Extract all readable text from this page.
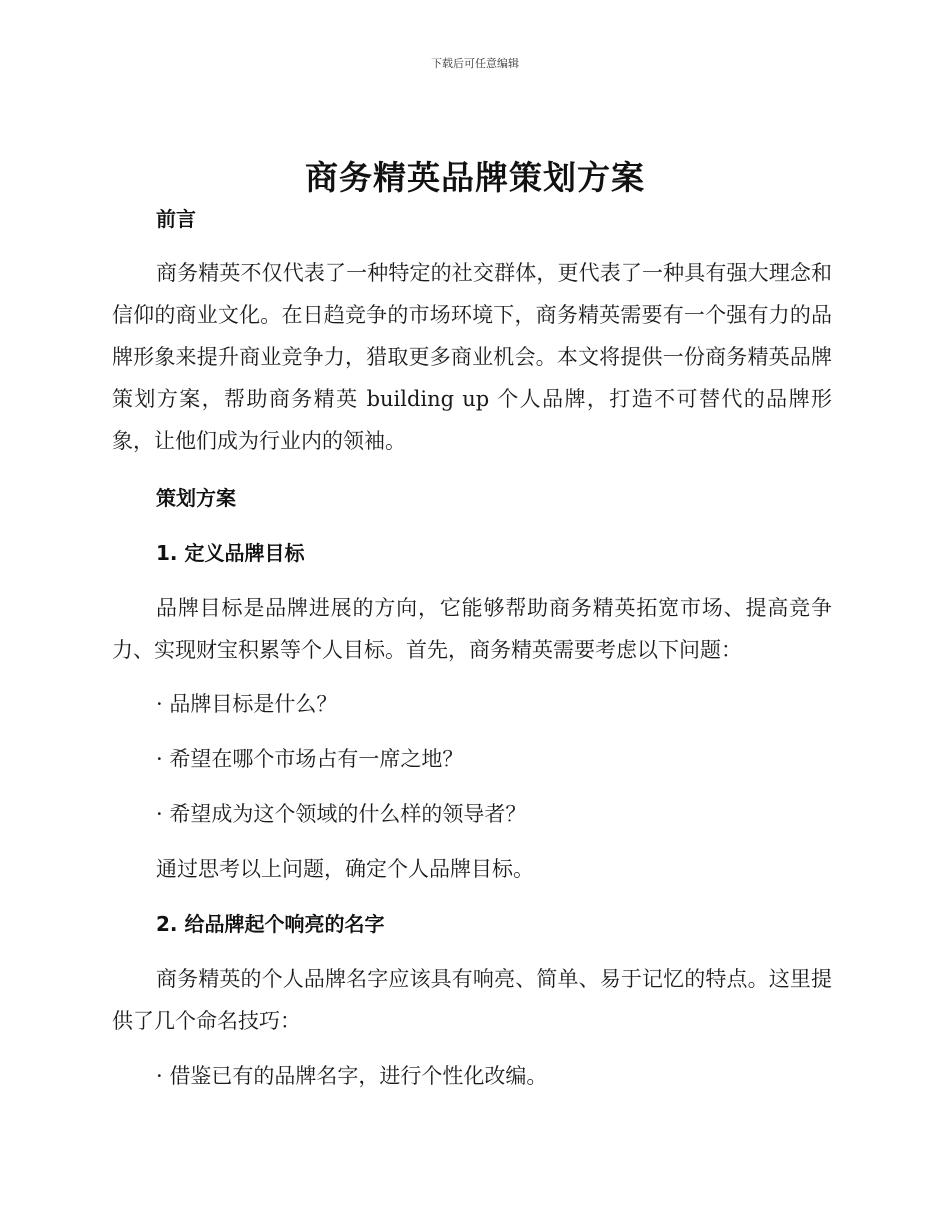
下载后可任意编辑
商务精英品牌策划方案
前言
商务精英不仅代表了一种特定的社交群体，更代表了一种具有强大理念和信仰的商业文化。在日趋竞争的市场环境下，商务精英需要有一个强有力的品牌形象来提升商业竞争力，猎取更多商业机会。本文将提供一份商务精英品牌策划方案，帮助商务精英 building up 个人品牌，打造不可替代的品牌形象，让他们成为行业内的领袖。
策划方案
1. 定义品牌目标
品牌目标是品牌进展的方向，它能够帮助商务精英拓宽市场、提高竞争力、实现财宝积累等个人目标。首先，商务精英需要考虑以下问题：
· 品牌目标是什么？
· 希望在哪个市场占有一席之地？
· 希望成为这个领域的什么样的领导者？
通过思考以上问题，确定个人品牌目标。
2. 给品牌起个响亮的名字
商务精英的个人品牌名字应该具有响亮、简单、易于记忆的特点。这里提供了几个命名技巧：
· 借鉴已有的品牌名字，进行个性化改编。
